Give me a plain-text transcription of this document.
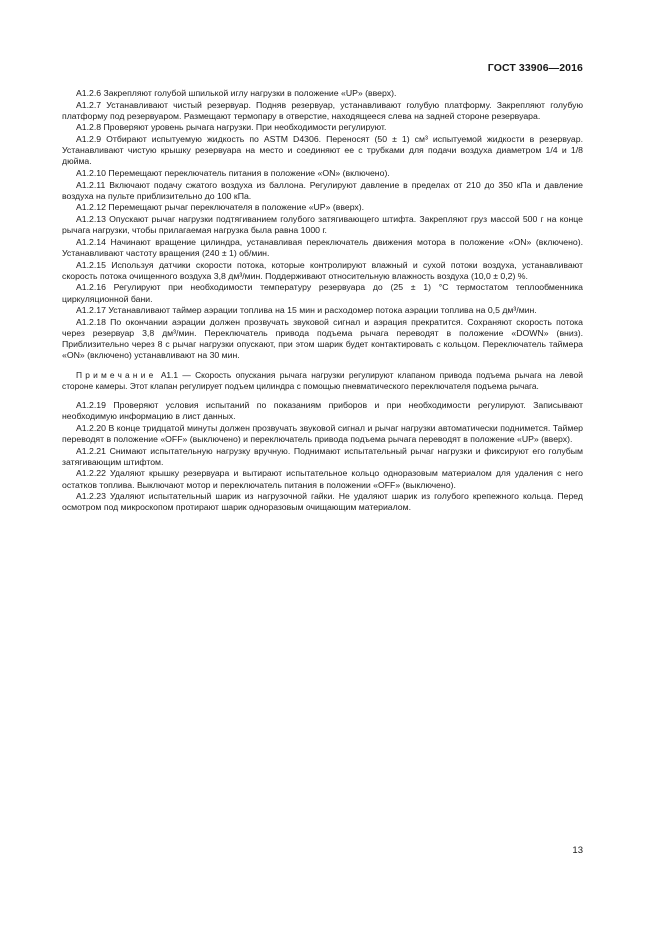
ГОСТ 33906—2016

А1.2.6 Закрепляют голубой шпилькой иглу нагрузки в положение «UP» (вверх).

А1.2.7 Устанавливают чистый резервуар. Подняв резервуар, устанавливают голубую платформу. Закрепляют голубую платформу под резервуаром. Размещают термопару в отверстие, находящееся слева на задней стороне резервуара.

А1.2.8 Проверяют уровень рычага нагрузки. При необходимости регулируют.

А1.2.9 Отбирают испытуемую жидкость по ASTM D4306. Переносят (50 ± 1) см³ испытуемой жидкости в резервуар. Устанавливают чистую крышку резервуара на место и соединяют ее с трубками для подачи воздуха диаметром 1/4 и 1/8 дюйма.

А1.2.10 Перемещают переключатель питания в положение «ON» (включено).

А1.2.11 Включают подачу сжатого воздуха из баллона. Регулируют давление в пределах от 210 до 350 кПа и давление воздуха на пульте приблизительно до 100 кПа.

А1.2.12 Перемещают рычаг переключателя в положение «UP» (вверх).

А1.2.13 Опускают рычаг нагрузки подтягиванием голубого затягивающего штифта. Закрепляют груз массой 500 г на конце рычага нагрузки, чтобы прилагаемая нагрузка была равна 1000 г.

А1.2.14 Начинают вращение цилиндра, устанавливая переключатель движения мотора в положение «ON» (включено). Устанавливают частоту вращения (240 ± 1) об/мин.

А1.2.15 Используя датчики скорости потока, которые контролируют влажный и сухой потоки воздуха, устанавливают скорость потока очищенного воздуха 3,8 дм³/мин. Поддерживают относительную влажность воздуха (10,0 ± 0,2) %.

А1.2.16 Регулируют при необходимости температуру резервуара до (25 ± 1) °С термостатом теплообменника циркуляционной бани.

А1.2.17 Устанавливают таймер аэрации топлива на 15 мин и расходомер потока аэрации топлива на 0,5 дм³/мин.

А1.2.18 По окончании аэрации должен прозвучать звуковой сигнал и аэрация прекратится. Сохраняют скорость потока через резервуар 3,8 дм³/мин. Переключатель привода подъема рычага переводят в положение «DOWN» (вниз). Приблизительно через 8 с рычаг нагрузки опускают, при этом шарик будет контактировать с кольцом. Переключатель таймера «ON» (включено) устанавливают на 30 мин.

Примечание А1.1 — Скорость опускания рычага нагрузки регулируют клапаном привода подъема рычага на левой стороне камеры. Этот клапан регулирует подъем цилиндра с помощью пневматического переключателя подъема рычага.

А1.2.19 Проверяют условия испытаний по показаниям приборов и при необходимости регулируют. Записывают необходимую информацию в лист данных.

А1.2.20 В конце тридцатой минуты должен прозвучать звуковой сигнал и рычаг нагрузки автоматически поднимется. Таймер переводят в положение «OFF» (выключено) и переключатель привода подъема рычага переводят в положение «UP» (вверх).

А1.2.21 Снимают испытательную нагрузку вручную. Поднимают испытательный рычаг нагрузки и фиксируют его голубым затягивающим штифтом.

А1.2.22 Удаляют крышку резервуара и вытирают испытательное кольцо одноразовым материалом для удаления с него остатков топлива. Выключают мотор и переключатель питания в положении «OFF» (выключено).

А1.2.23 Удаляют испытательный шарик из нагрузочной гайки. Не удаляют шарик из голубого крепежного кольца. Перед осмотром под микроскопом протирают шарик одноразовым очищающим материалом.

13
